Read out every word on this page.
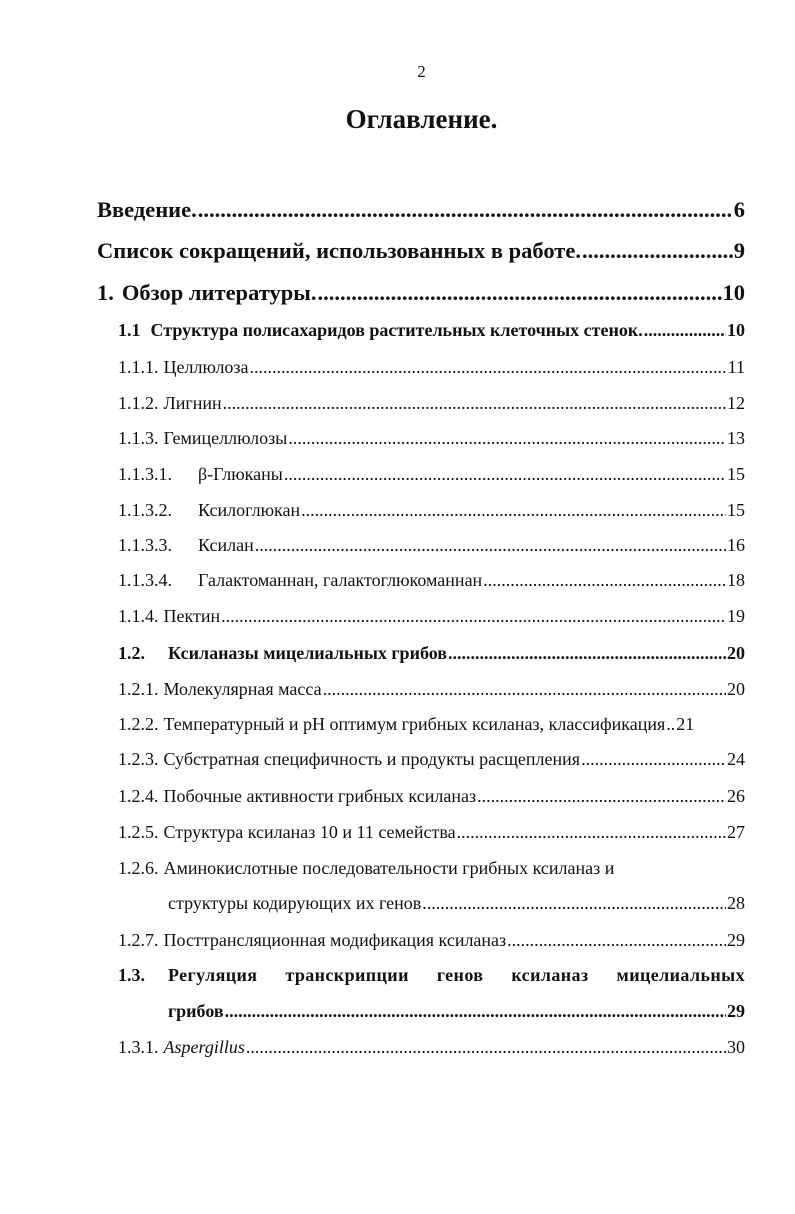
2
Оглавление.
Введение. .....	6
Список сокращений, использованных в работе. .....	9
1. Обзор литературы. .....	10
1.1 Структура полисахаридов растительных клеточных стенок. .....	10
1.1.1. Целлюлоза .....	11
1.1.2. Лигнин .....	12
1.1.3. Гемицеллюлозы .....	13
1.1.3.1.	β-Глюканы .....	15
1.1.3.2.	Ксилоглюкан .....	15
1.1.3.3.	Ксилан .....	16
1.1.3.4.	Галактоманнан, галактоглюкоманнан .....	18
1.1.4. Пектин .....	19
1.2.	Ксиланазы мицелиальных грибов .....	20
1.2.1. Молекулярная масса .....	20
1.2.2. Температурный и pH оптимум грибных ксиланаз, классификация ..... 21
1.2.3. Субстратная специфичность и продукты расщепления .....	24
1.2.4. Побочные активности грибных ксиланаз .....	26
1.2.5. Структура ксиланаз 10 и 11 семейства .....	27
1.2.6. Аминокислотные последовательности грибных ксиланаз и
структуры кодирующих их генов .....	28
1.2.7. Посттрансляционная модификация ксиланаз .....	29
1.3.	Регуляция транскрипции генов ксиланаз мицелиальных
грибов .....	29
1.3.1. Aspergillus .....	30
